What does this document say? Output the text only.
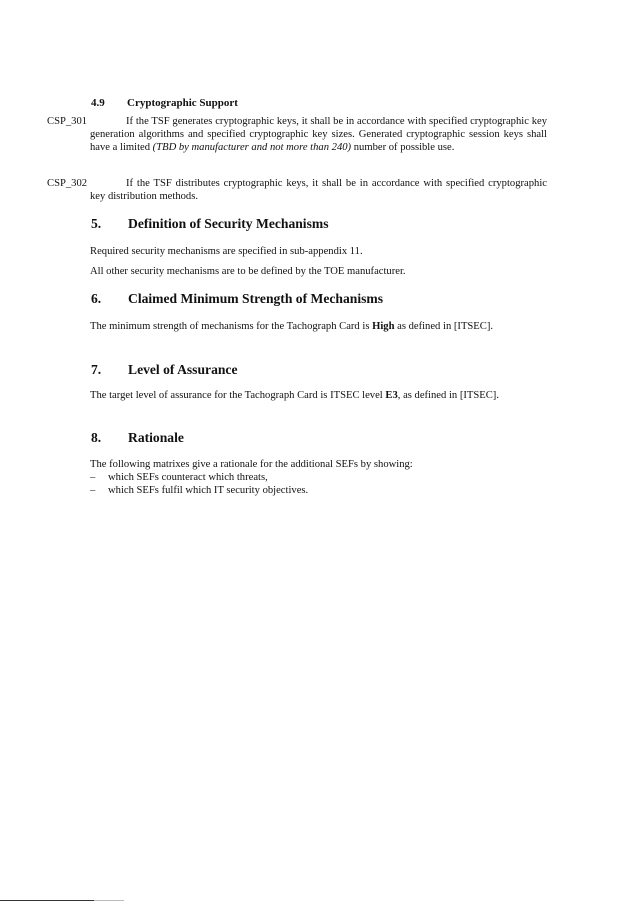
4.9 Cryptographic Support
CSP_301	If the TSF generates cryptographic keys, it shall be in accordance with specified cryptographic key generation algorithms and specified cryptographic key sizes. Generated cryptographic session keys shall have a limited (TBD by manufacturer and not more than 240) number of possible use.

CSP_302	If the TSF distributes cryptographic keys, it shall be in accordance with specified cryptographic key distribution methods.

5. Definition of Security Mechanisms

Required security mechanisms are specified in sub-appendix 11.

All other security mechanisms are to be defined by the TOE manufacturer.

6. Claimed Minimum Strength of Mechanisms

The minimum strength of mechanisms for the Tachograph Card is High as defined in [ITSEC].

7. Level of Assurance

The target level of assurance for the Tachograph Card is ITSEC level E3, as defined in [ITSEC].

8. Rationale

The following matrixes give a rationale for the additional SEFs by showing:

– which SEFs counteract which threats,
– which SEFs fulfil which IT security objectives.
